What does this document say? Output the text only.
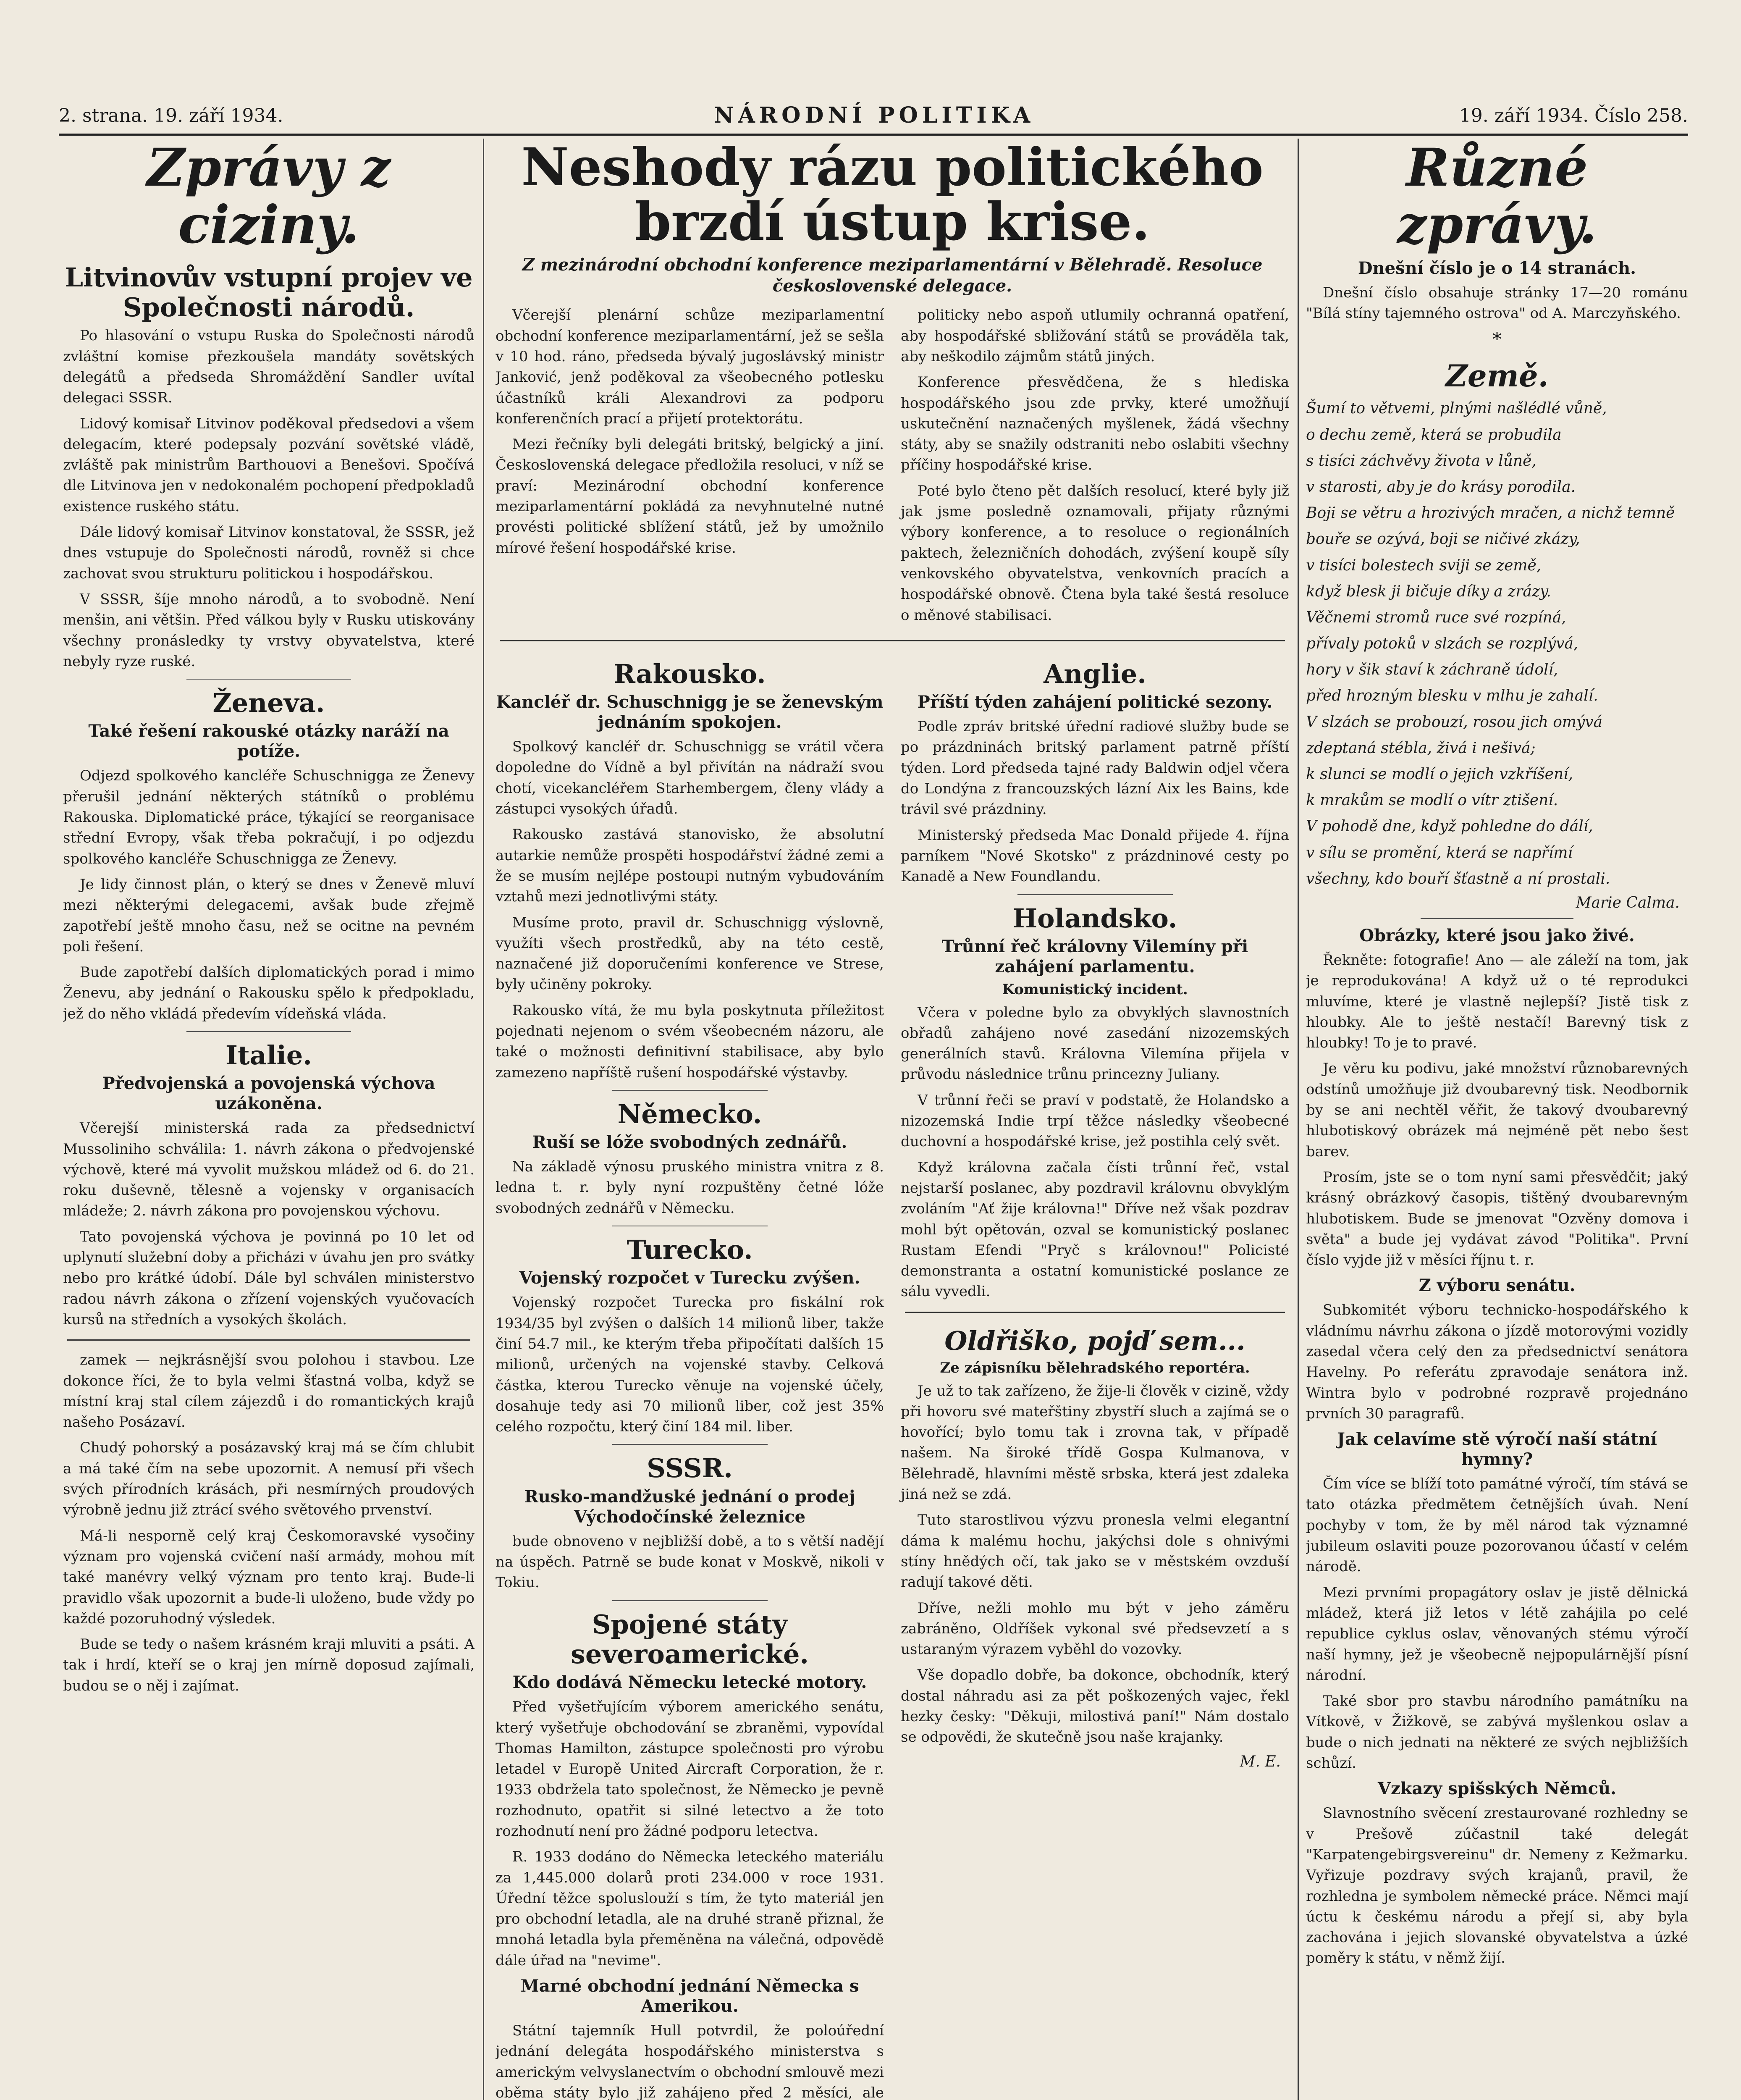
2. strana. 19. září 1934.	NÁRODNÍ POLITIKA	19. září 1934. Číslo 258.
Zprávy z ciziny.
Litvinovův vstupní projev ve Společnosti národů.

Po hlasování o vstupu Ruska do Společnosti národů zvláštní komise přezkoušela mandáty sovětských delegátů a předseda Shromáždění Sandler uvítal delegaci SSSR.

Lidový komisař Litvinov poděkoval předsedovi a všem delegacím, které podepsaly pozvání sovětské vládě, zvláště pak ministrům Barthouovi a Benešovi. Spočívá dle Litvinova jen v nedokonalém pochopení předpokladů existence ruského státu.

Dále lidový komisař Litvinov konstatoval, že SSSR, jež dnes vstupuje do Společnosti národů, rovněž si chce zachovat svou strukturu politickou i hospodářskou.

V SSSR, šíje mnoho národů, a to svobodně. Není menšin, ani většin. Před válkou byly v Rusku utiskovány všechny pronásledky ty vrstvy obyvatelstva, které nebyly ryze ruské.

Ženeva.
Také řešení rakouské otázky naráží na potíže.

Odjezd spolkového kancléře Schuschnigga ze Ženevy přerušil jednání některých státníků o problému Rakouska. Diplomatické práce, týkající se reorganisace střední Evropy, však třeba pokračují, i po odjezdu spolkového kancléře Schuschnigga ze Ženevy.

Je lidy činnost plán, o který se dnes v Ženevě mluví mezi některými delegacemi, avšak bude zřejmě zapotřebí ještě mnoho času, než se ocitne na pevném poli řešení.

Bude zapotřebí dalších diplomatických porad i mimo Ženevu, aby jednání o Rakousku spělo k předpokladu, jež do něho vkládá předevím vídeňská vláda.

Italie.
Předvojenská a povojenská výchova uzákoněna.

Včerejší ministerská rada za předsednictví Mussoliniho schválila: 1. návrh zákona o předvojenské výchově, které má vyvolit mužskou mládež od 6. do 21. roku duševně, tělesně a vojensky v organisacích mládeže; 2. návrh zákona pro povojenskou výchovu.

Tato povojenská výchova je povinná po 10 let od uplynutí služební doby a přicházi v úvahu jen pro svátky nebo pro krátké údobí. Dále byl schválen ministerstvo radou návrh zákona o zřízení vojenských vyučovacích kursů na středních a vysokých školách.

zamek — nejkrásnější svou polohou i stavbou. Lze dokonce říci, že to byla velmi šťastná volba, když se místní kraj stal cílem zájezdů i do romantických krajů našeho Posázaví.

Chudý pohorský a posázavský kraj má se čím chlubit a má také čím na sebe upozornit. A nemusí při všech svých přírodních krásách, při nesmírných proudových výrobně jednu již ztrácí svého světového prvenství.

Má-li nesporně celý kraj Českomoravské vysočiny význam pro vojenská cvičení naší armády, mohou mít také manévry velký význam pro tento kraj. Bude-li pravidlo však upozornit a bude-li uloženo, bude vždy po každé pozoruhodný výsledek.

Bude se tedy o našem krásném kraji mluviti a psáti. A tak i hrdí, kteří se o kraj jen mírně doposud zajímali, budou se o něj i zajímat.

Neshody rázu politického brzdí ústup krise.
Z mezinárodní obchodní konference meziparlamentární v Bělehradě. Resoluce československé delegace.

Včerejší plenární schůze meziparlamentní obchodní konference meziparlamentární, jež se sešla v 10 hod. ráno, předseda bývalý jugoslávský ministr Janković, jenž poděkoval za všeobecného potlesku účastníků králi Alexandrovi za podporu konferenčních prací a přijetí protektorátu.

Mezi řečníky byli delegáti britský, belgický a jiní. Československá delegace předložila resoluci, v níž se praví: Mezinárodní obchodní konference meziparlamentární pokládá za nevyhnutelné nutné provésti politické sblížení států, jež by umožnilo mírové řešení hospodářské krise.

politicky nebo aspoň utlumily ochranná opatření, aby hospodářské sbližování států se prováděla tak, aby neškodilo zájmům států jiných.

Konference přesvědčena, že s hlediska hospodářského jsou zde prvky, které umožňují uskutečnění naznačených myšlenek, žádá všechny státy, aby se snažily odstraniti nebo oslabiti všechny příčiny hospodářské krise.

Poté bylo čteno pět dalších resolucí, které byly již jak jsme posledně oznamovali, přijaty různými výbory konference, a to resoluce o regionálních paktech, železničních dohodách, zvýšení koupě síly venkovského obyvatelstva, venkovních pracích a hospodářské obnově. Čtena byla také šestá resoluce o měnové stabilisaci.

Rakousko.
Kancléř dr. Schuschnigg je se ženevským jednáním spokojen.

Spolkový kancléř dr. Schuschnigg se vrátil včera dopoledne do Vídně a byl přivítán na nádraží svou chotí, vicekancléřem Starhembergem, členy vlády a zástupci vysokých úřadů.

Rakousko zastává stanovisko, že absolutní autarkie nemůže prospěti hospodářství žádné zemi a že se musím nejlépe postoupi nutným vybudováním vztahů mezi jednotlivými státy.

Musíme proto, pravil dr. Schuschnigg výslovně, využíti všech prostředků, aby na této cestě, naznačené již doporučeními konference ve Strese, byly učiněny pokroky.

Rakousko vítá, že mu byla poskytnuta příležitost pojednati nejenom o svém všeobecném názoru, ale také o možnosti definitivní stabilisace, aby bylo zamezeno napříště rušení hospodářské výstavby.

Německo.
Ruší se lóže svobodných zednářů.

Na základě výnosu pruského ministra vnitra z 8. ledna t. r. byly nyní rozpuštěny četné lóže svobodných zednářů v Německu.

Turecko.
Vojenský rozpočet v Turecku zvýšen.

Vojenský rozpočet Turecka pro fiskální rok 1934/35 byl zvýšen o dalších 14 milionů liber, takže činí 54.7 mil., ke kterým třeba připočítati dalších 15 milionů, určených na vojenské stavby. Celková částka, kterou Turecko věnuje na vojenské účely, dosahuje tedy asi 70 milionů liber, což jest 35% celého rozpočtu, který činí 184 mil. liber.

SSSR.
Rusko-mandžuské jednání o prodej Východočínské železnice

bude obnoveno v nejbližší době, a to s větší nadějí na úspěch. Patrně se bude konat v Moskvě, nikoli v Tokiu.

Spojené státy severoamerické.
Kdo dodává Německu letecké motory.

Před vyšetřujícím výborem amerického senátu, který vyšetřuje obchodování se zbraněmi, vypovídal Thomas Hamilton, zástupce společnosti pro výrobu letadel v Europě United Aircraft Corporation, že r. 1933 obdržela tato společnost, že Německo je pevně rozhodnuto, opatřit si silné letectvo a že toto rozhodnutí není pro žádné podporu letectva.

R. 1933 dodáno do Německa leteckého materiálu za 1,445.000 dolarů proti 234.000 v roce 1931. Úřední těžce spoluslouží s tím, že tyto materiál jen pro obchodní letadla, ale na druhé straně přiznal, že mnohá letadla byla přeměněna na válečná, odpovědě dále úřad na "nevime".

Marné obchodní jednání Německa s Amerikou.

Státní tajemník Hull potvrdil, že poloúřední jednání delegáta hospodářského ministerstva s americkým velvyslanectvím o obchodní smlouvě mezi oběma státy bylo již zahájeno před 2 měsíci, ale

Anglie.
Příští týden zahájení politické sezony.

Podle zpráv britské úřední radiové služby bude se po prázdninách britský parlament patrně příští týden. Lord předseda tajné rady Baldwin odjel včera do Londýna z francouzských lázní Aix les Bains, kde trávil své prázdniny.

Ministerský předseda Mac Donald přijede 4. října parníkem "Nové Skotsko" z prázdninové cesty po Kanadě a New Foundlandu.

Holandsko.
Trůnní řeč královny Vilemíny při zahájení parlamentu.
Komunistický incident.

Včera v poledne bylo za obvyklých slavnostních obřadů zahájeno nové zasedání nizozemských generálních stavů. Královna Vilemína přijela v průvodu následnice trůnu princezny Juliany.

V trůnní řeči se praví v podstatě, že Holandsko a nizozemská Indie trpí těžce následky všeobecné duchovní a hospodářské krise, jež postihla celý svět.

Když královna začala čísti trůnní řeč, vstal nejstarší poslanec, aby pozdravil královnu obvyklým zvoláním "Ať žije královna!" Dříve než však pozdrav mohl být opětován, ozval se komunistický poslanec Rustam Efendi "Pryč s královnou!" Policisté demonstranta a ostatní komunistické poslance ze sálu vyvedli.

Oldřiško, pojď sem...
Ze zápisníku bělehradského reportéra.

Je už to tak zařízeno, že žije-li člověk v cizině, vždy při hovoru své mateřštiny zbystří sluch a zajímá se o hovořící; bylo tomu tak i zrovna tak, v případě našem. Na široké třídě Gospa Kulmanova, v Bělehradě, hlavními městě srbska, která jest zdaleka jiná než se zdá.

Tuto starostlivou výzvu pronesla velmi elegantní dáma k malému hochu, jakýchsi dole s ohnivými stíny hnědých očí, tak jako se v městském ovzduší radují takové děti.

Dříve, nežli mohlo mu být v jeho záměru zabráněno, Oldříšek vykonal své předsevzetí a s ustaraným výrazem vyběhl do vozovky.

Vše dopadlo dobře, ba dokonce, obchodník, který dostal náhradu asi za pět poškozených vajec, řekl hezky česky: "Děkuji, milostivá paní!" Nám dostalo se odpovědi, že skutečně jsou naše krajanky.

M. E.
Různé zprávy.
Dnešní číslo je o 14 stranách.

Dnešní číslo obsahuje stránky 17—20 románu "Bílá stíny tajemného ostrova" od A. Marczyňského.

*
Země.

Šumí to větvemi, plnými našlédlé vůně,

o dechu země, která se probudila

s tisíci záchvěvy života v lůně,

v starosti, aby je do krásy porodila.

Boji se větru a hrozivých mračen, a nichž temně

bouře se ozývá, boji se ničivé zkázy,

v tisíci bolestech sviji se země,

když blesk ji bičuje díky a zrázy.

Věčnemi stromů ruce své rozpíná,

přívaly potoků v slzách se rozplývá,

hory v šik staví k záchraně údolí,

před hrozným blesku v mlhu je zahalí.

V slzách se probouzí, rosou jich omývá

zdeptaná stébla, živá i nešivá;

k slunci se modlí o jejich vzkříšení,

k mrakům se modlí o vítr ztišení.

V pohodě dne, když pohledne do dálí,

v sílu se promění, která se napřímí

všechny, kdo bouří šťastně a ní prostali.

Marie Calma.
Obrázky, které jsou jako živé.

Řekněte: fotografie! Ano — ale záleží na tom, jak je reprodukována! A když už o té reprodukci mluvíme, které je vlastně nejlepší? Jistě tisk z hloubky. Ale to ještě nestačí! Barevný tisk z hloubky! To je to pravé.

Je věru ku podivu, jaké množství různobarevných odstínů umožňuje již dvoubarevný tisk. Neodbornik by se ani nechtěl věřit, že takový dvoubarevný hlubotiskový obrázek má nejméně pět nebo šest barev.

Prosím, jste se o tom nyní sami přesvědčit; jaký krásný obrázkový časopis, tištěný dvoubarevným hlubotiskem. Bude se jmenovat "Ozvěny domova i světa" a bude jej vydávat závod "Politika". První číslo vyjde již v měsíci říjnu t. r.

Z výboru senátu.

Subkomitét výboru technicko-hospodářského k vládnímu návrhu zákona o jízdě motorovými vozidly zasedal včera celý den za předsednictví senátora Havelny. Po referátu zpravodaje senátora inž. Wintra bylo v podrobné rozpravě projednáno prvních 30 paragrafů.

Jak celavíme stě výročí naší státní hymny?

Čím více se blíží toto památné výročí, tím stává se tato otázka předmětem četnějších úvah. Není pochyby v tom, že by měl národ tak významné jubileum oslaviti pouze pozorovanou účastí v celém národě.

Mezi prvními propagátory oslav je jistě dělnická mládež, která již letos v létě zahájila po celé republice cyklus oslav, věnovaných stému výročí naší hymny, jež je všeobecně nejpopulárnější písní národní.

Také sbor pro stavbu národního památníku na Vítkově, v Žižkově, se zabývá myšlenkou oslav a bude o nich jednati na některé ze svých nejbližších schůzí.

Vzkazy spišských Němců.

Slavnostního svěcení zrestaurované rozhledny se v Prešově zúčastnil také delegát "Karpatengebirgsvereinu" dr. Nemeny z Kežmarku. Vyřizuje pozdravy svých krajanů, pravil, že rozhledna je symbolem německé práce. Němci mají úctu k českému národu a přejí si, aby byla zachována i jejich slovanské obyvatelstva a úzké poměry k státu, v němž žijí.
